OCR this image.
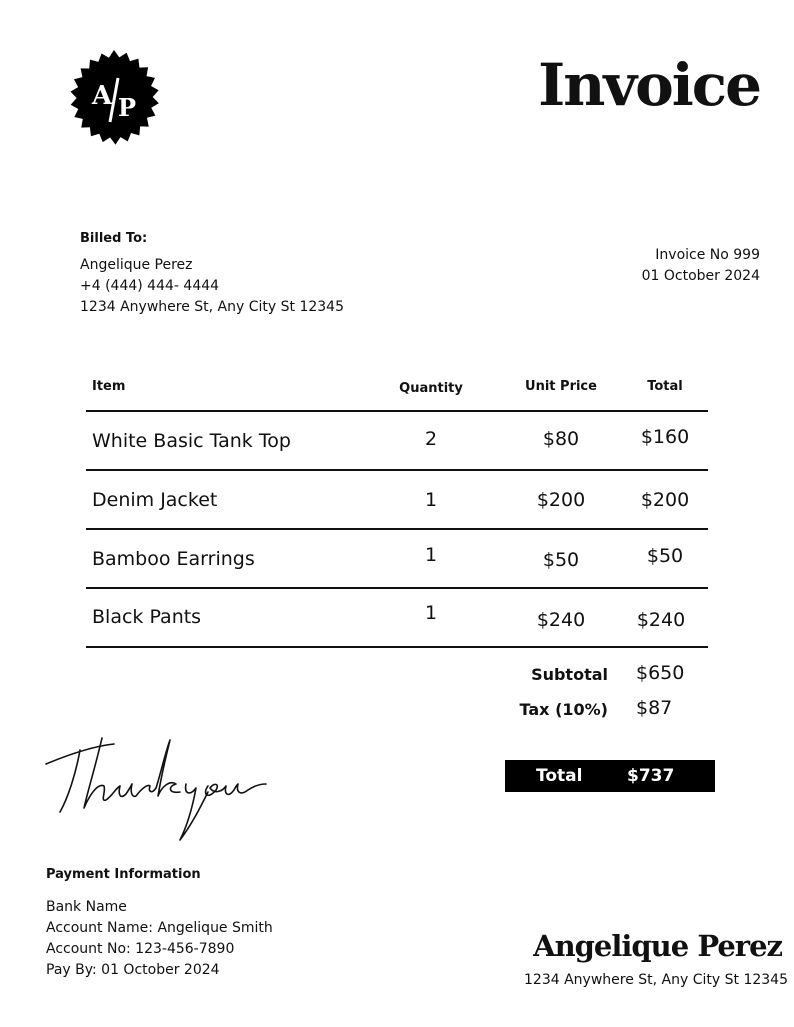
A P	Invoice
Billed To:
Angelique Perez
+4 (444) 444- 4444
1234 Anywhere St, Any City St 12345
Invoice No 999
01 October 2024
Item	Quantity	Unit Price	Total
White Basic Tank Top	2	$80	$160
Denim Jacket	1	$200	$200
Bamboo Earrings	1	$50	$50
Black Pants	1	$240	$240
Subtotal $650
Tax (10%) $87
Total	$737
Payment Information
Bank Name
Account Name: Angelique Smith
Account No: 123-456-7890
Pay By: 01 October 2024
Angelique Perez
1234 Anywhere St, Any City St 12345
